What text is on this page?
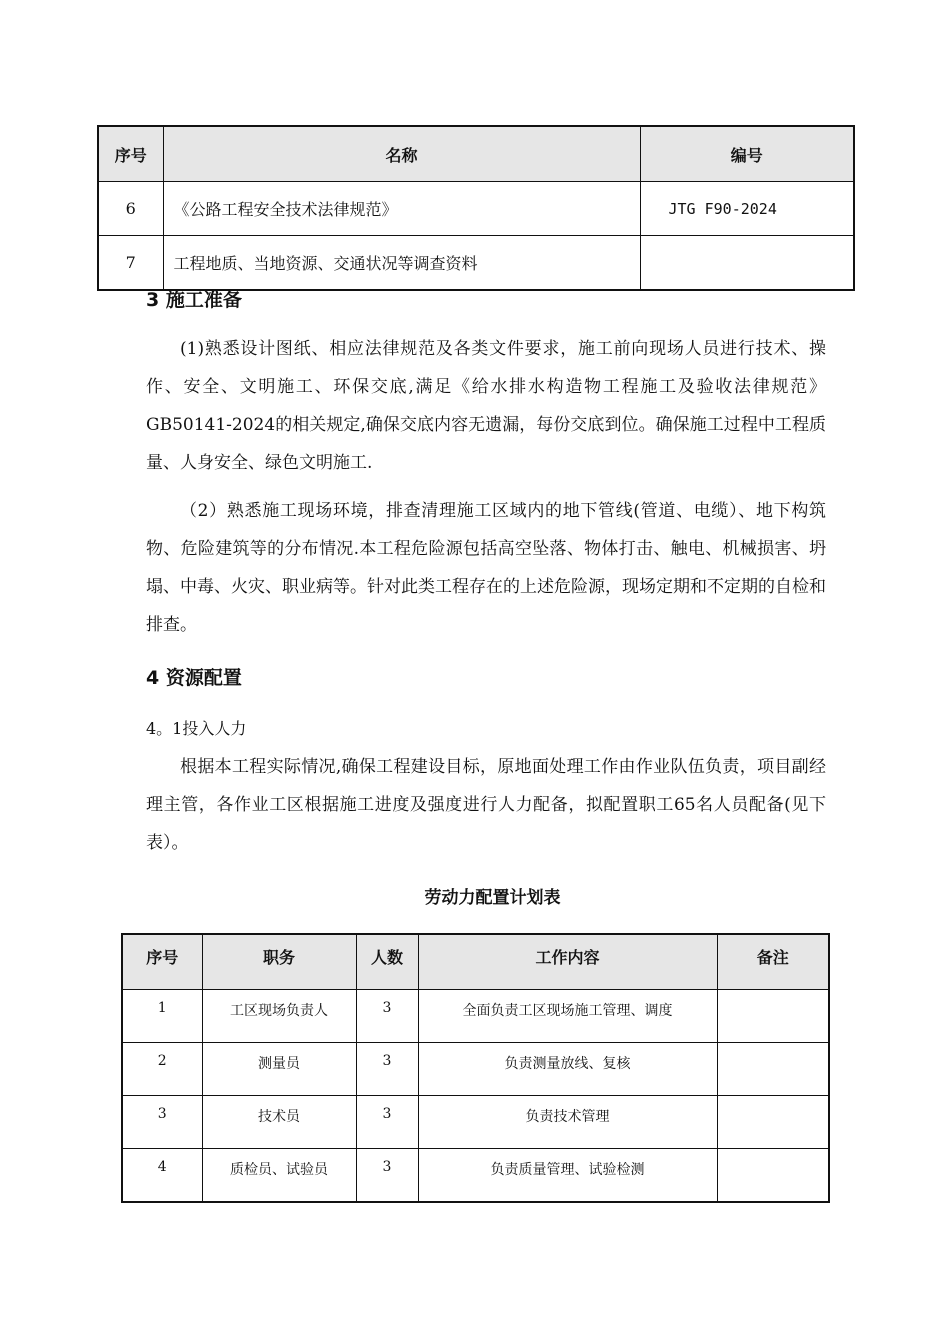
序号	名称	编号
6	《公路工程安全技术法律规范》	JTG F90-2024
7	工程地质、当地资源、交通状况等调查资料	
3 施工准备

(1)熟悉设计图纸、相应法律规范及各类文件要求，施工前向现场人员进行技术、操作、安全、文明施工、环保交底,满足《给水排水构造物工程施工及验收法律规范》GB50141-2024的相关规定,确保交底内容无遗漏，每份交底到位。确保施工过程中工程质量、人身安全、绿色文明施工.

（2）熟悉施工现场环境，排查清理施工区域内的地下管线(管道、电缆）、地下构筑物、危险建筑等的分布情况.本工程危险源包括高空坠落、物体打击、触电、机械损害、坍塌、中毒、火灾、职业病等。针对此类工程存在的上述危险源，现场定期和不定期的自检和排查。

4 资源配置
4。1投入人力

根据本工程实际情况,确保工程建设目标，原地面处理工作由作业队伍负责，项目副经理主管，各作业工区根据施工进度及强度进行人力配备，拟配置职工65名人员配备(见下表）。

劳动力配置计划表
序号	职务	人数	工作内容	备注
1	工区现场负责人	3	全面负责工区现场施工管理、调度	
2	测量员	3	负责测量放线、复核	
3	技术员	3	负责技术管理	
4	质检员、试验员	3	负责质量管理、试验检测	
